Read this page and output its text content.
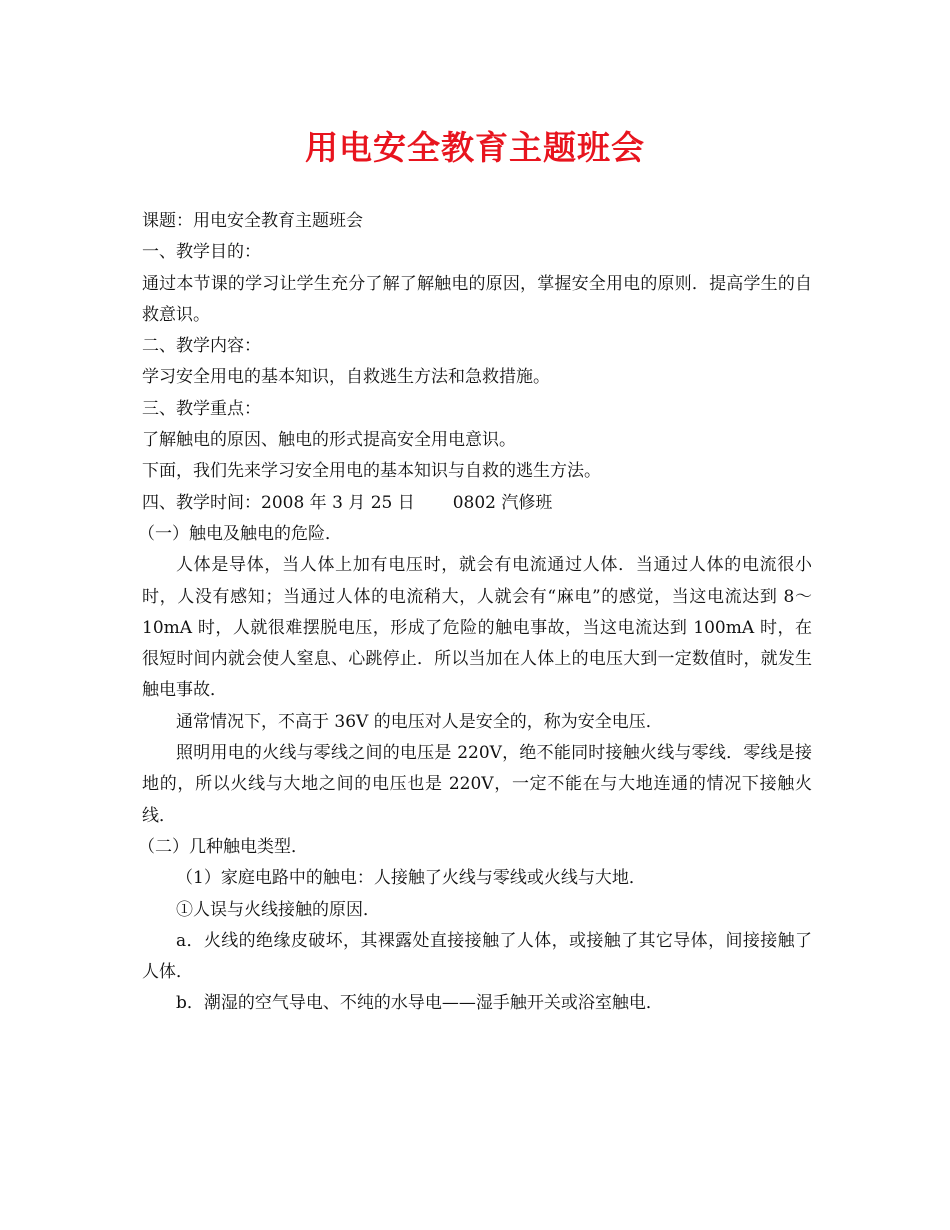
用电安全教育主题班会

课题：用电安全教育主题班会

一、教学目的：

通过本节课的学习让学生充分了解了解触电的原因，掌握安全用电的原则．提高学生的自救意识。

二、教学内容：

学习安全用电的基本知识，自救逃生方法和急救措施。

三、教学重点：

了解触电的原因、触电的形式提高安全用电意识。

下面，我们先来学习安全用电的基本知识与自救的逃生方法。

四、教学时间：2008 年 3 月 25 日 0802 汽修班

（一）触电及触电的危险．

人体是导体，当人体上加有电压时，就会有电流通过人体．当通过人体的电流很小时，人没有感知；当通过人体的电流稍大，人就会有“麻电”的感觉，当这电流达到 8～10mA 时，人就很难摆脱电压，形成了危险的触电事故，当这电流达到 100mA 时，在很短时间内就会使人窒息、心跳停止．所以当加在人体上的电压大到一定数值时，就发生触电事故．

通常情况下，不高于 36V 的电压对人是安全的，称为安全电压．

照明用电的火线与零线之间的电压是 220V，绝不能同时接触火线与零线．零线是接地的，所以火线与大地之间的电压也是 220V，一定不能在与大地连通的情况下接触火线．

（二）几种触电类型．

（1）家庭电路中的触电：人接触了火线与零线或火线与大地．

①人误与火线接触的原因．

a．火线的绝缘皮破坏，其裸露处直接接触了人体，或接触了其它导体，间接接触了人体．

b．潮湿的空气导电、不纯的水导电——湿手触开关或浴室触电．
